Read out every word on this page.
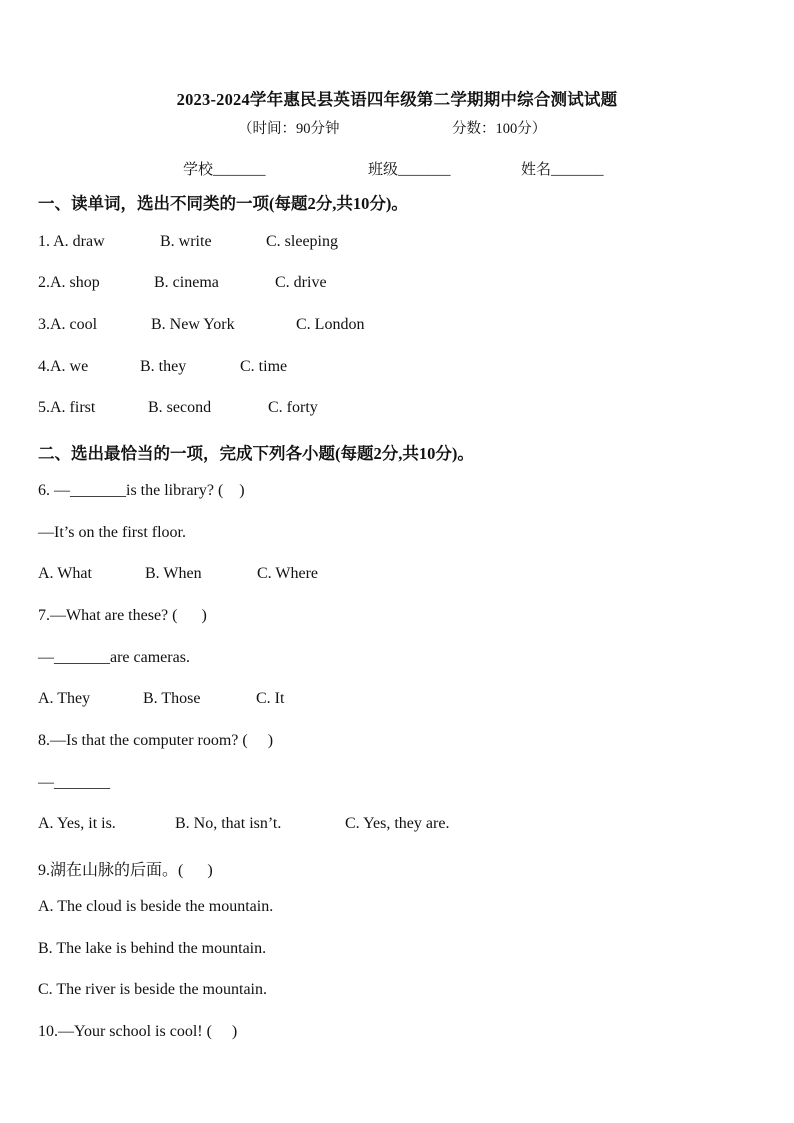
2023-2024学年惠民县英语四年级第二学期期中综合测试试题
（时间：90分钟	分数：100分）
学校_______	班级_______	姓名_______
一、读单词，选出不同类的一项(每题2分,共10分)。
1. A. draw	B. write	C. sleeping
2.A. shop	B. cinema	C. drive
3.A. cool	B. New York	C. London
4.A. we	B. they	C. time
5.A. first	B. second	C. forty
二、选出最恰当的一项，完成下列各小题(每题2分,共10分)。
6. —_______is the library? (    )
—It’s on the first floor.
A. What	B. When	C. Where
7.—What are these? (      )
—_______are cameras.
A. They	B. Those	C. It
8.—Is that the computer room? (     )
—_______
A. Yes, it is.	B. No, that isn’t.	C. Yes, they are.
9.湖在山脉的后面。(      )
A. The cloud is beside the mountain.
B. The lake is behind the mountain.
C. The river is beside the mountain.
10.—Your school is cool! (     )
